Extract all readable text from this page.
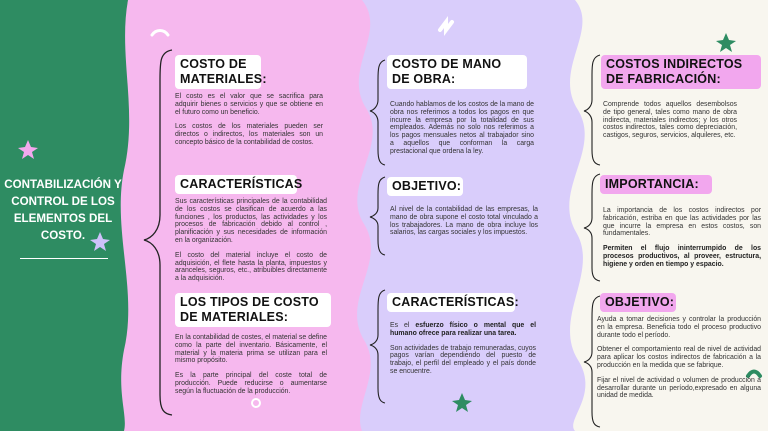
CONTABILIZACIÓN Y CONTROL DE LOS ELEMENTOS DEL COSTO.
COSTO DE MATERIALES:

El costo es el valor que se sacrifica para adquirir bienes o servicios y que se obtiene en el futuro como un beneficio.

Los costos de los materiales pueden ser directos o indirectos, los materiales son un concepto básico de la contabilidad de costos.

CARACTERÍSTICAS

Sus características principales de la contabilidad de los costos se clasifican de acuerdo a las funciones , los productos, las actividades y los procesos de fabricación debido al control , planificación y sus necesidades de información en la organización.

El costo del material incluye el costo de adquisición, el flete hasta la planta, impuestos y aranceles, seguros, etc., atribuibles directamente a la adquisición.

LOS TIPOS DE COSTO DE MATERIALES:

En la contabilidad de costes, el material se define como la parte del inventario. Básicamente, el material y la materia prima se utilizan para el mismo propósito.

Es la parte principal del coste total de producción. Puede reducirse o aumentarse según la fluctuación de la producción.

COSTO DE MANO DE OBRA:

Cuando hablamos de los costos de la mano de obra nos referimos a todos los pagos en que incurre la empresa por la totalidad de sus empleados. Además no solo nos referimos a los pagos mensuales netos al trabajador sino a aquellos que conforman la carga prestacional que ordena la ley.

OBJETIVO:

Al nivel de la contabilidad de las empresas, la mano de obra supone el costo total vinculado a los trabajadores. La mano de obra incluye los salarios, las cargas sociales y los impuestos.

CARACTERÍSTICAS:

Es el esfuerzo físico o mental que el humano ofrece para realizar una tarea.

Son actividades de trabajo remuneradas, cuyos pagos varían dependiendo del puesto de trabajo, el perfil del empleado y el país donde se encuentre.

COSTOS INDIRECTOS DE FABRICACIÓN:

Comprende todos aquellos desembolsos de tipo general, tales como mano de obra indirecta, materiales indirectos; y los otros costos indirectos, tales como depreciación, castigos, seguros, servicios, alquileres, etc.

IMPORTANCIA:

La importancia de los costos indirectos por fabricación, estriba en que las actividades por las que incurre la empresa en estos costos, son fundamentales.

Permiten el flujo ininterrumpido de los procesos productivos, al proveer, estructura, higiene y orden en tiempo y espacio.

OBJETIVO:

Ayuda a tomar decisiones y controlar la producción en la empresa. Beneficia todo el proceso productivo durante todo el período.

Obtener el comportamiento real de nivel de actividad para aplicar los costos indirectos de fabricación a la producción en la medida que se fabrique.

Fijar el nivel de actividad o volumen de producción a desarrollar durante un período,expresado en alguna unidad de medida.
